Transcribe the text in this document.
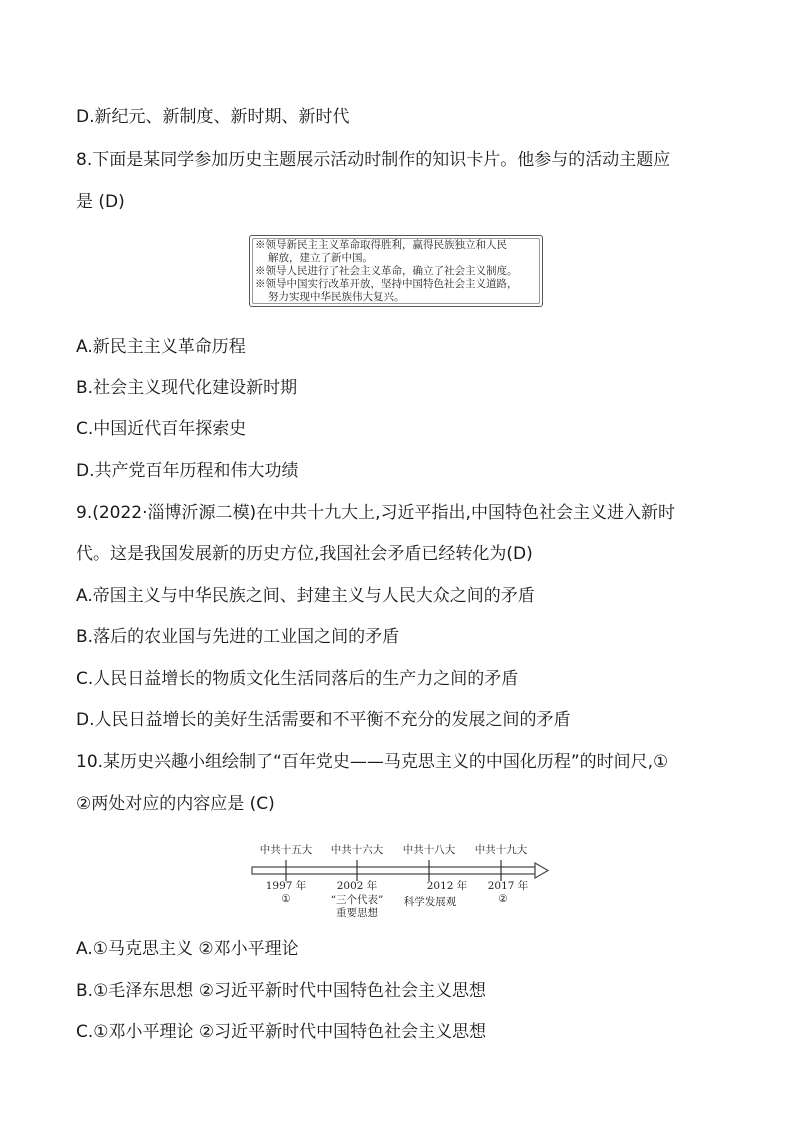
D.新纪元、新制度、新时期、新时代
8.下面是某同学参加历史主题展示活动时制作的知识卡片。他参与的活动主题应
是 (D)
※领导新民主主义革命取得胜利，赢得民族独立和人民
解放，建立了新中国。
※领导人民进行了社会主义革命，确立了社会主义制度。
※领导中国实行改革开放，坚持中国特色社会主义道路，
努力实现中华民族伟大复兴。
A.新民主主义革命历程
B.社会主义现代化建设新时期
C.中国近代百年探索史
D.共产党百年历程和伟大功绩
9.(2022·淄博沂源二模)在中共十九大上,习近平指出,中国特色社会主义进入新时
代。这是我国发展新的历史方位,我国社会矛盾已经转化为(D)
A.帝国主义与中华民族之间、封建主义与人民大众之间的矛盾
B.落后的农业国与先进的工业国之间的矛盾
C.人民日益增长的物质文化生活同落后的生产力之间的矛盾
D.人民日益增长的美好生活需要和不平衡不充分的发展之间的矛盾
10.某历史兴趣小组绘制了“百年党史——马克思主义的中国化历程”的时间尺,①
②两处对应的内容应是 (C)
中共十五大 中共十六大 中共十八大 中共十九大
1997 年	2002 年	2012 年 2017 年
①	“三个代表”
重要思想
科学发展观	②
A.①马克思主义 ②邓小平理论
B.①毛泽东思想 ②习近平新时代中国特色社会主义思想
C.①邓小平理论 ②习近平新时代中国特色社会主义思想
